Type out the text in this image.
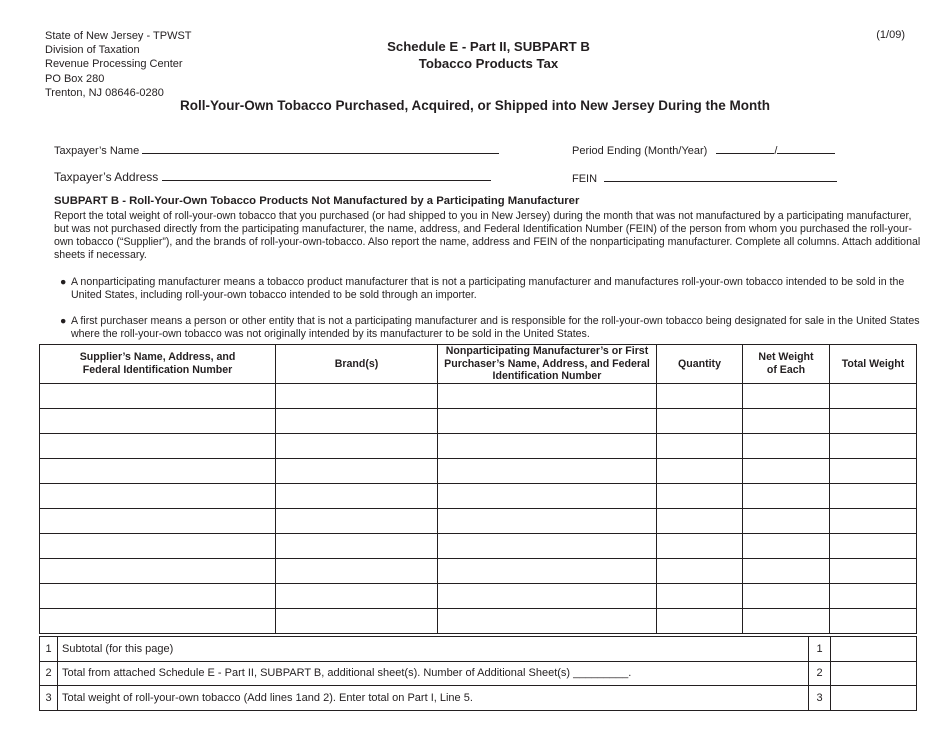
State of New Jersey - TPWST
Division of Taxation
Revenue Processing Center
PO Box 280
Trenton, NJ 08646-0280
Schedule E - Part II, SUBPART B
Tobacco Products Tax
(1/09)
Roll-Your-Own Tobacco Purchased, Acquired, or Shipped into New Jersey During the Month
Taxpayer’s Name	Period Ending (Month/Year)	/
Taxpayer’s Address	FEIN
SUBPART B - Roll-Your-Own Tobacco Products Not Manufactured by a Participating Manufacturer
Report the total weight of roll-your-own tobacco that you purchased (or had shipped to you in New Jersey) during the month that was not manufactured by a participating manufacturer, but was not purchased directly from the participating manufacturer, the name, address, and Federal Identification Number (FEIN) of the person from whom you purchased the roll-your-own tobacco (“Supplier”), and the brands of roll-your-own-tobacco. Also report the name, address and FEIN of the nonparticipating manufacturer. Complete all columns. Attach additional sheets if necessary.
● A nonparticipating manufacturer means a tobacco product manufacturer that is not a participating manufacturer and manufactures roll-your-own tobacco intended to be sold in the United States, including roll-your-own tobacco intended to be sold through an importer.
● A first purchaser means a person or other entity that is not a participating manufacturer and is responsible for the roll-your-own tobacco being designated for sale in the United States where the roll-your-own tobacco was not originally intended by its manufacturer to be sold in the United States.
Supplier’s Name, Address, and Federal Identification Number	Brand(s)	Nonparticipating Manufacturer’s or First Purchaser’s Name, Address, and Federal Identification Number	Quantity	Net Weight of Each	Total Weight

1	Subtotal (for this page)	1	
2	Total from attached Schedule E - Part II, SUBPART B, additional sheet(s). Number of Additional Sheet(s) _________.	2	
3	Total weight of roll-your-own tobacco (Add lines 1and 2). Enter total on Part I, Line 5.	3	
